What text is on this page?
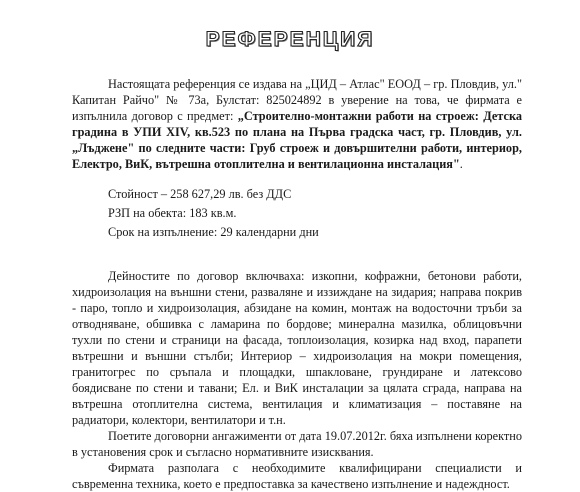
РЕФЕРЕНЦИЯ

Настоящата референция се издава на „ЦИД – Атлас" ЕООД – гр. Пловдив, ул." Капитан Райчо" № 73а, Булстат: 825024892 в уверение на това, че фирмата е изпълнила договор с предмет: „Строително-монтажни работи на строеж: Детска градина в УПИ XIV, кв.523 по плана на Първа градска част, гр. Пловдив, ул. „Лъджене" по следните части: Груб строеж и довършителни работи, интериор, Електро, ВиК, вътрешна отоплителна и вентилационна инсталация".

Стойност – 258 627,29 лв. без ДДС
РЗП на обекта: 183 кв.м.
Срок на изпълнение: 29 календарни дни

Дейностите по договор включваха: изкопни, кофражни, бетонови работи, хидроизолация на външни стени, разваляне и иззиждане на зидария; направа покрив - паро, топло и хидроизолация, абзидане на комин, монтаж на водосточни тръби за отводняване, обшивка с ламарина по бордове; минерална мазилка, облицовъчни тухли по стени и страници на фасада, топлоизолация, козирка над вход, парапети вътрешни и външни стълби; Интериор – хидроизолация на мокри помещения, гранитогрес по сръпала и площадки, шпакловане, грундиране и латексово боядисване по стени и тавани; Ел. и ВиК инсталации за цялата сграда, направа на вътрешна отоплителна система, вентилация и климатизация – поставяне на радиатори, колектори, вентилатори и т.н.

Поетите договорни ангажименти от дата 19.07.2012г. бяха изпълнени коректно в установения срок и съгласно нормативните изисквания.

Фирмата разполага с необходимите квалифицирани специалисти и съвременна техника, което е предпоставка за качествено изпълнение и надеждност.
